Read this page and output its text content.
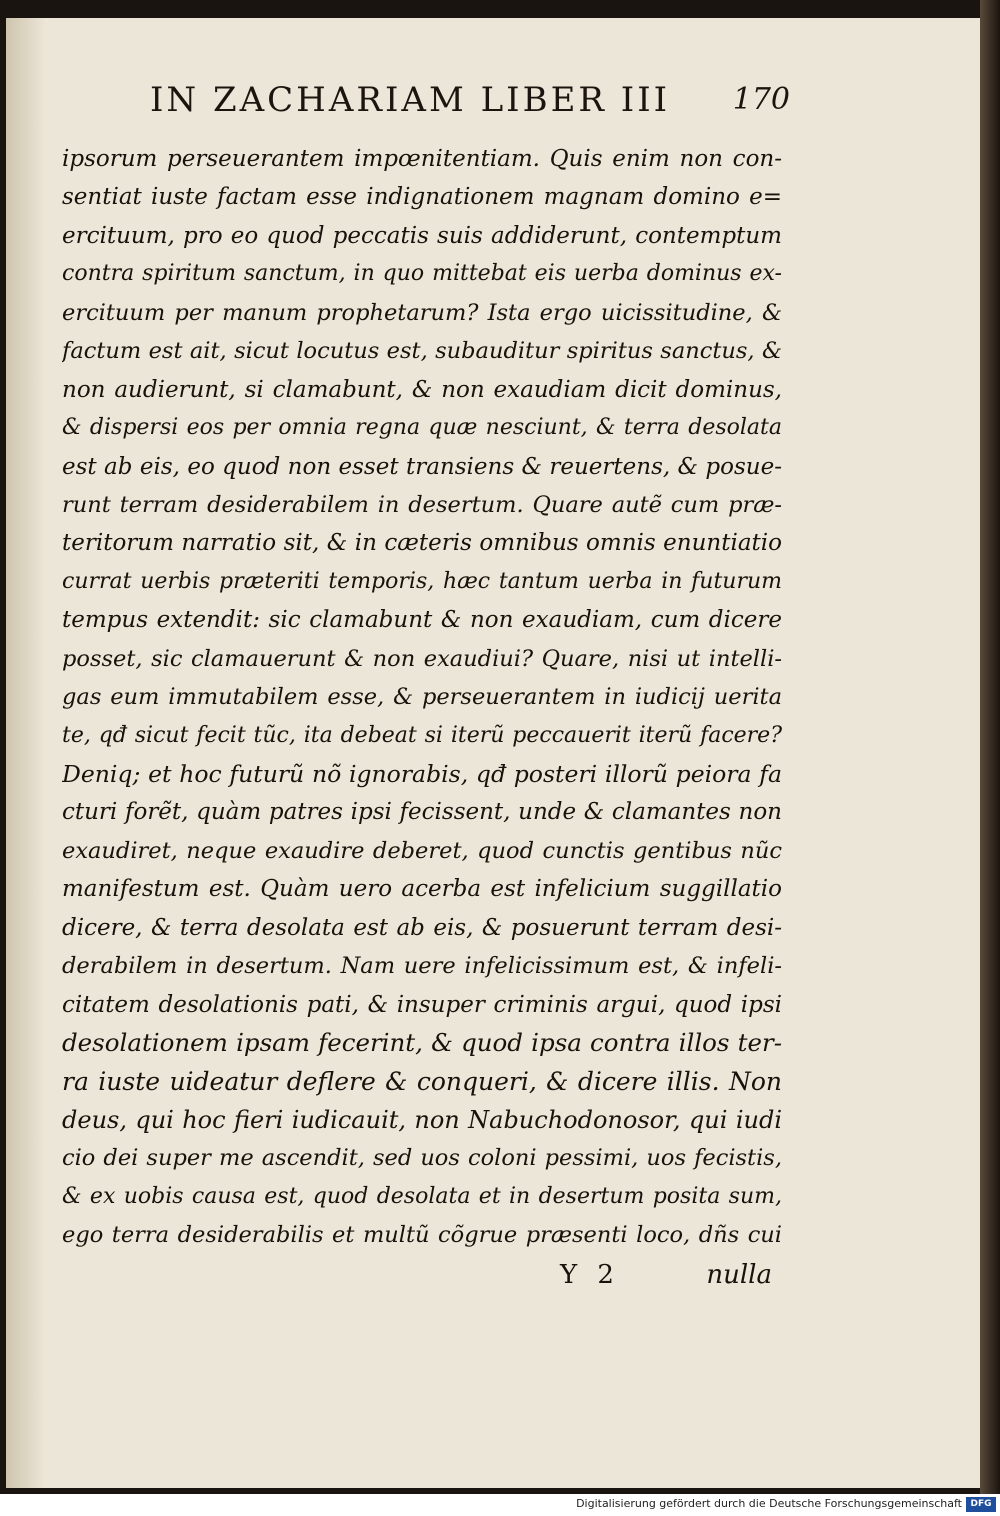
IN ZACHARIAM LIBER III 170
ipsorum perseuerantem impœnitentiam. Quis enim non con-
sentiat iuste factam esse indignationem magnam domino e=
ercituum, pro eo quod peccatis suis addiderunt, contemptum
contra spiritum sanctum, in quo mittebat eis uerba dominus ex-
ercituum per manum prophetarum? Ista ergo uicissitudine, &
factum est ait, sicut locutus est, subauditur spiritus sanctus, &
non audierunt, si clamabunt, & non exaudiam dicit dominus,
& dispersi eos per omnia regna quæ nesciunt, & terra desolata
est ab eis, eo quod non esset transiens & reuertens, & posue-
runt terram desiderabilem in desertum. Quare autẽ cum præ-
teritorum narratio sit, & in cæteris omnibus omnis enuntiatio
currat uerbis præteriti temporis, hæc tantum uerba in futurum
tempus extendit: sic clamabunt & non exaudiam, cum dicere
posset, sic clamauerunt & non exaudiui? Quare, nisi ut intelli-
gas eum immutabilem esse, & perseuerantem in iudicij uerita
te, qđ sicut fecit tũc, ita debeat si iterũ peccauerit iterũ facere?
Deniq; et hoc futurũ nõ ignorabis, qđ posteri illorũ peiora fa
cturi forẽt, quàm patres ipsi fecissent, unde & clamantes non
exaudiret, neque exaudire deberet, quod cunctis gentibus nũc
manifestum est. Quàm uero acerba est infelicium suggillatio
dicere, & terra desolata est ab eis, & posuerunt terram desi-
derabilem in desertum. Nam uere infelicissimum est, & infeli-
citatem desolationis pati, & insuper criminis argui, quod ipsi
desolationem ipsam fecerint, & quod ipsa contra illos ter-
ra iuste uideatur deflere & conqueri, & dicere illis. Non
deus, qui hoc fieri iudicauit, non Nabuchodonosor, qui iudi
cio dei super me ascendit, sed uos coloni pessimi, uos fecistis,
& ex uobis causa est, quod desolata et in desertum posita sum,
ego terra desiderabilis et multũ cõgrue præsenti loco, dñs cui
Y 2	nulla
Digitalisierung gefördert durch die Deutsche Forschungsgemeinschaft DFG
